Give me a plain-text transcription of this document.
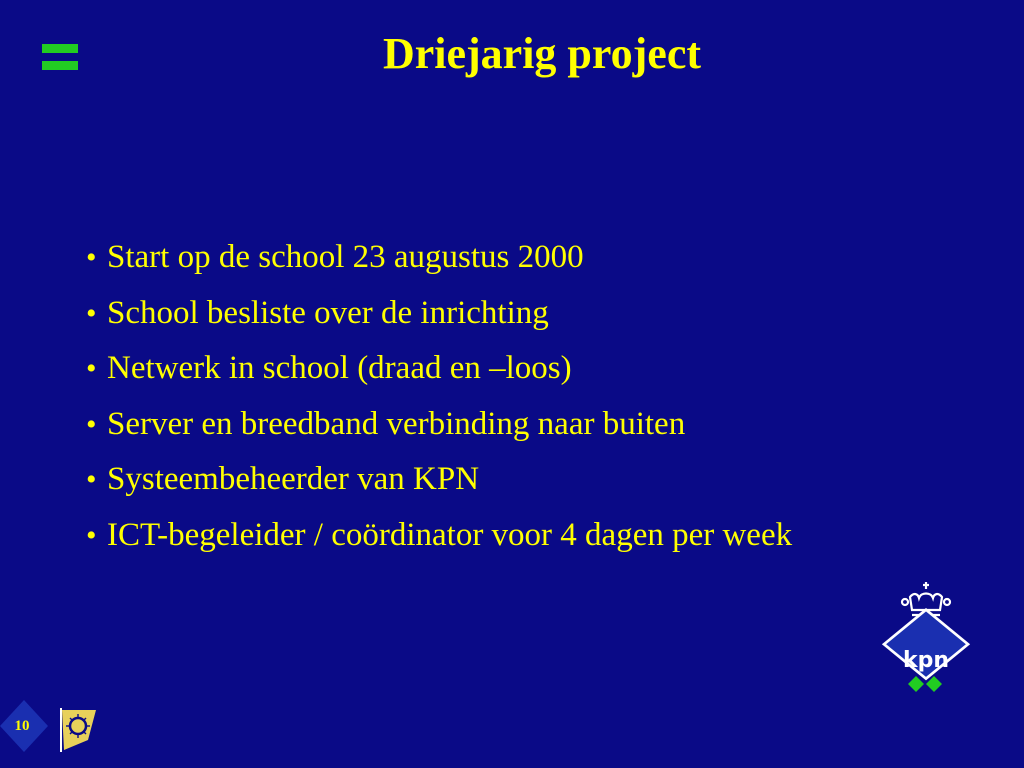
Driejarig project
• Start op de school 23 augustus 2000
• School besliste over de inrichting
• Netwerk in school (draad en –loos)
• Server en breedband verbinding naar buiten
• Systeembeheerder van KPN
• ICT-begeleider / coördinator voor 4 dagen per week
kpn
10
